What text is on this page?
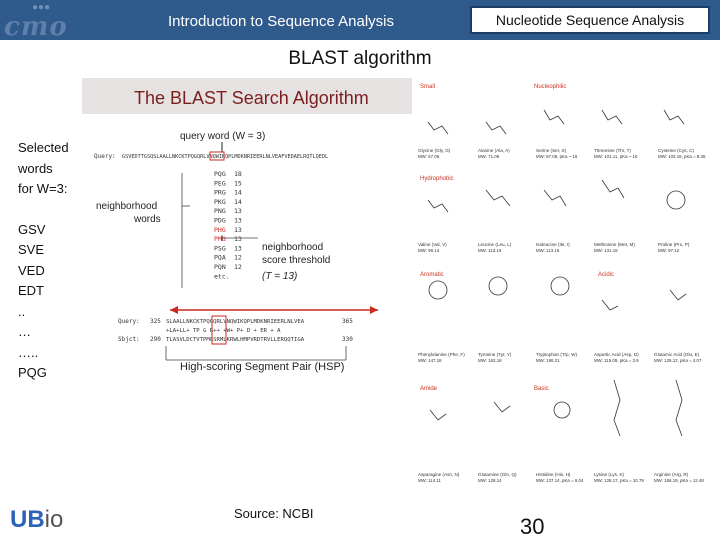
●●●
cmo	Introduction to Sequence Analysis	Nucleotide Sequence Analysis
BLAST algorithm
Selected
words
for W=3:
GSV
SVE
VED
EDT
..
…
…..
PQG
The BLAST Search Algorithm
query word (W = 3)
Query: GSVEDTTGSQSLAALLNKCKTPQGQRLVNQWIKQPLMDKNRIEERLNLVEAFVEDAELRQTLQEDL
neighborhood words
PQG 18
PEG 15
PRG 14
PKG 14
PNG 13
PDG 13
PHG 13
PMG 13
PSG 13
PQA 12
PQN 12
etc.
neighborhood score threshold
(T = 13)
Query: 325 SLAALLNKCKTPQGQRLVNQWIKQPLMDKNRIEERLNLVEA	365
+LA+LL+ TP G R++ +W+ P+ D + ER + A
Sbjct: 290 TLASVLDCTVTPMGSRMLKRWLHMPVRDTRVLLERQQTIGA	330
High-scoring Segment Pair (HSP)
Small	Nucleophilic
Hydrophobic
Aromatic	Acidic
Amide	Basic
Glycine (Gly, G)
MW: 57.05
Alanine (Ala, A)
MW: 71.09
Serine (Ser, S)
MW: 87.08, pKa ~ 16
Threonine (Thr, T)
MW: 101.11, pKa ~ 16
Cysteine (Cys, C)
MW: 103.15, pKa = 8.35
Valine (Val, V)
MW: 99.14
Leucine (Leu, L)
MW: 113.16
Isoleucine (Ile, I)
MW: 113.16
Methionine (Met, M)
MW: 131.19
Proline (Pro, P)
MW: 97.12
Phenylalanine (Phe, F)
MW: 147.18
Tyrosine (Tyr, Y)
MW: 163.18
Tryptophan (Trp, W)
MW: 186.21
Aspartic Acid (Asp, D)
MW: 115.09, pKa = 3.9
Glutamic Acid (Glu, E)
MW: 129.12, pKa = 4.07
Asparagine (Asn, N)
MW: 114.11
Glutamine (Gln, Q)
MW: 128.14
Histidine (His, H)
MW: 137.14, pKa = 6.04
Lysine (Lys, K)
MW: 128.17, pKa = 10.79
Arginine (Arg, R)
MW: 156.19, pKa = 12.48
Source: NCBI
30
UBio
